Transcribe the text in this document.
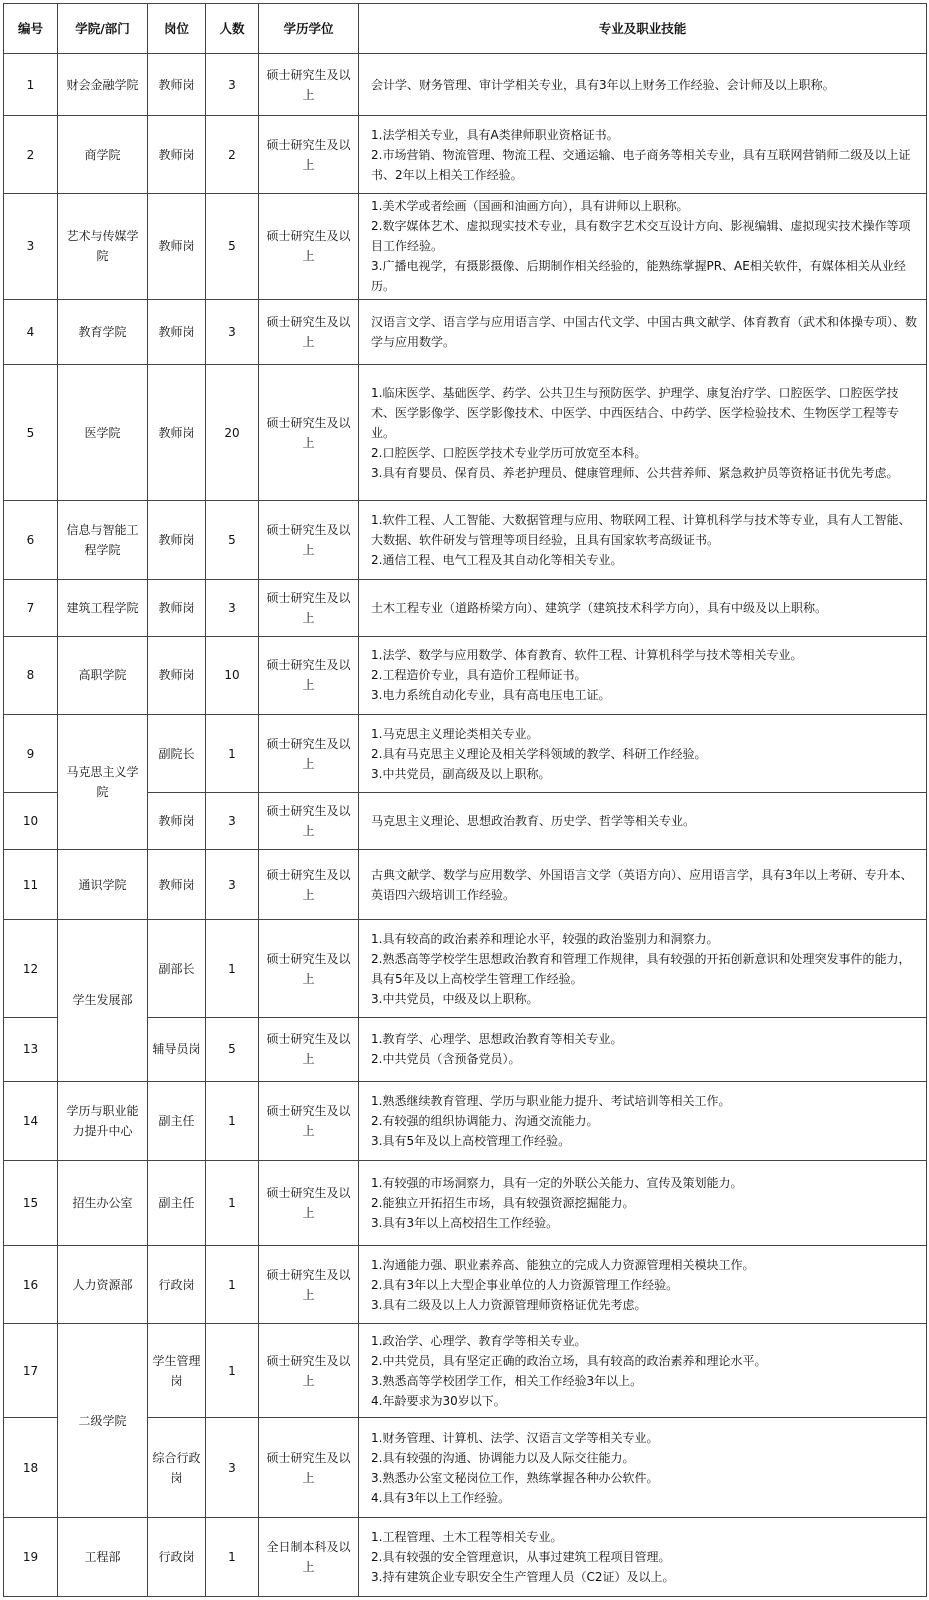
编号	学院/部门	岗位	人数	学历学位	专业及职业技能
1	财会金融学院	教师岗	3	硕士研究生及以上	会计学、财务管理、审计学相关专业，具有3年以上财务工作经验、会计师及以上职称。

2	商学院	教师岗	2	硕士研究生及以上	1.法学相关专业，具有A类律师职业资格证书。
2.市场营销、物流管理、物流工程、交通运输、电子商务等相关专业，具有互联网营销师二级及以上证书、2年以上相关工作经验。

3	艺术与传媒学院	教师岗	5	硕士研究生及以上	1.美术学或者绘画（国画和油画方向），具有讲师以上职称。
2.数字媒体艺术、虚拟现实技术专业，具有数字艺术交互设计方向、影视编辑、虚拟现实技术操作等项目工作经验。
3.广播电视学，有摄影摄像、后期制作相关经验的，能熟练掌握PR、AE相关软件，有媒体相关从业经历。

4	教育学院	教师岗	3	硕士研究生及以上	汉语言文学、语言学与应用语言学、中国古代文学、中国古典文献学、体育教育（武术和体操专项）、数学与应用数学。

5	医学院	教师岗	20	硕士研究生及以上	1.临床医学、基础医学、药学、公共卫生与预防医学、护理学、康复治疗学、口腔医学、口腔医学技术、医学影像学、医学影像技术、中医学、中西医结合、中药学、医学检验技术、生物医学工程等专业。
2.口腔医学、口腔医学技术专业学历可放宽至本科。
3.具有育婴员、保育员、养老护理员、健康管理师、公共营养师、紧急救护员等资格证书优先考虑。

6	信息与智能工程学院	教师岗	5	硕士研究生及以上	1.软件工程、人工智能、大数据管理与应用、物联网工程、计算机科学与技术等专业，具有人工智能、大数据、软件研发与管理等项目经验，且具有国家软考高级证书。
2.通信工程、电气工程及其自动化等相关专业。

7	建筑工程学院	教师岗	3	硕士研究生及以上	土木工程专业（道路桥梁方向）、建筑学（建筑技术科学方向），具有中级及以上职称。

8	高职学院	教师岗	10	硕士研究生及以上	1.法学、数学与应用数学、体育教育、软件工程、计算机科学与技术等相关专业。
2.工程造价专业，具有造价工程师证书。
3.电力系统自动化专业，具有高电压电工证。

9	马克思主义学院	副院长	1	硕士研究生及以上	1.马克思主义理论类相关专业。
2.具有马克思主义理论及相关学科领域的教学、科研工作经验。
3.中共党员，副高级及以上职称。

10		教师岗	3	硕士研究生及以上	马克思主义理论、思想政治教育、历史学、哲学等相关专业。

11	通识学院	教师岗	3	硕士研究生及以上	古典文献学、数学与应用数学、外国语言文学（英语方向）、应用语言学，具有3年以上考研、专升本、英语四六级培训工作经验。

12	学生发展部	副部长	1	硕士研究生及以上	1.具有较高的政治素养和理论水平，较强的政治鉴别力和洞察力。
2.熟悉高等学校学生思想政治教育和管理工作规律，具有较强的开拓创新意识和处理突发事件的能力，具有5年及以上高校学生管理工作经验。
3.中共党员，中级及以上职称。

13		辅导员岗	5	硕士研究生及以上	1.教育学、心理学、思想政治教育等相关专业。
2.中共党员（含预备党员）。

14	学历与职业能力提升中心	副主任	1	硕士研究生及以上	1.熟悉继续教育管理、学历与职业能力提升、考试培训等相关工作。
2.有较强的组织协调能力、沟通交流能力。
3.具有5年及以上高校管理工作经验。

15	招生办公室	副主任	1	硕士研究生及以上	1.有较强的市场洞察力，具有一定的外联公关能力、宣传及策划能力。
2.能独立开拓招生市场，具有较强资源挖掘能力。
3.具有3年以上高校招生工作经验。

16	人力资源部	行政岗	1	硕士研究生及以上	1.沟通能力强、职业素养高、能独立的完成人力资源管理相关模块工作。
2.具有3年以上大型企事业单位的人力资源管理工作经验。
3.具有二级及以上人力资源管理师资格证优先考虑。

17	二级学院	学生管理岗	1	硕士研究生及以上	1.政治学、心理学、教育学等相关专业。
2.中共党员，具有坚定正确的政治立场，具有较高的政治素养和理论水平。
3.熟悉高等学校团学工作，相关工作经验3年以上。
4.年龄要求为30岁以下。

18		综合行政岗	3	硕士研究生及以上	1.财务管理、计算机、法学、汉语言文学等相关专业。
2.具有较强的沟通、协调能力以及人际交往能力。
3.熟悉办公室文秘岗位工作，熟练掌握各种办公软件。
4.具有3年以上工作经验。

19	工程部	行政岗	1	全日制本科及以上	1.工程管理、土木工程等相关专业。
2.具有较强的安全管理意识，从事过建筑工程项目管理。
3.持有建筑企业专职安全生产管理人员（C2证）及以上。
